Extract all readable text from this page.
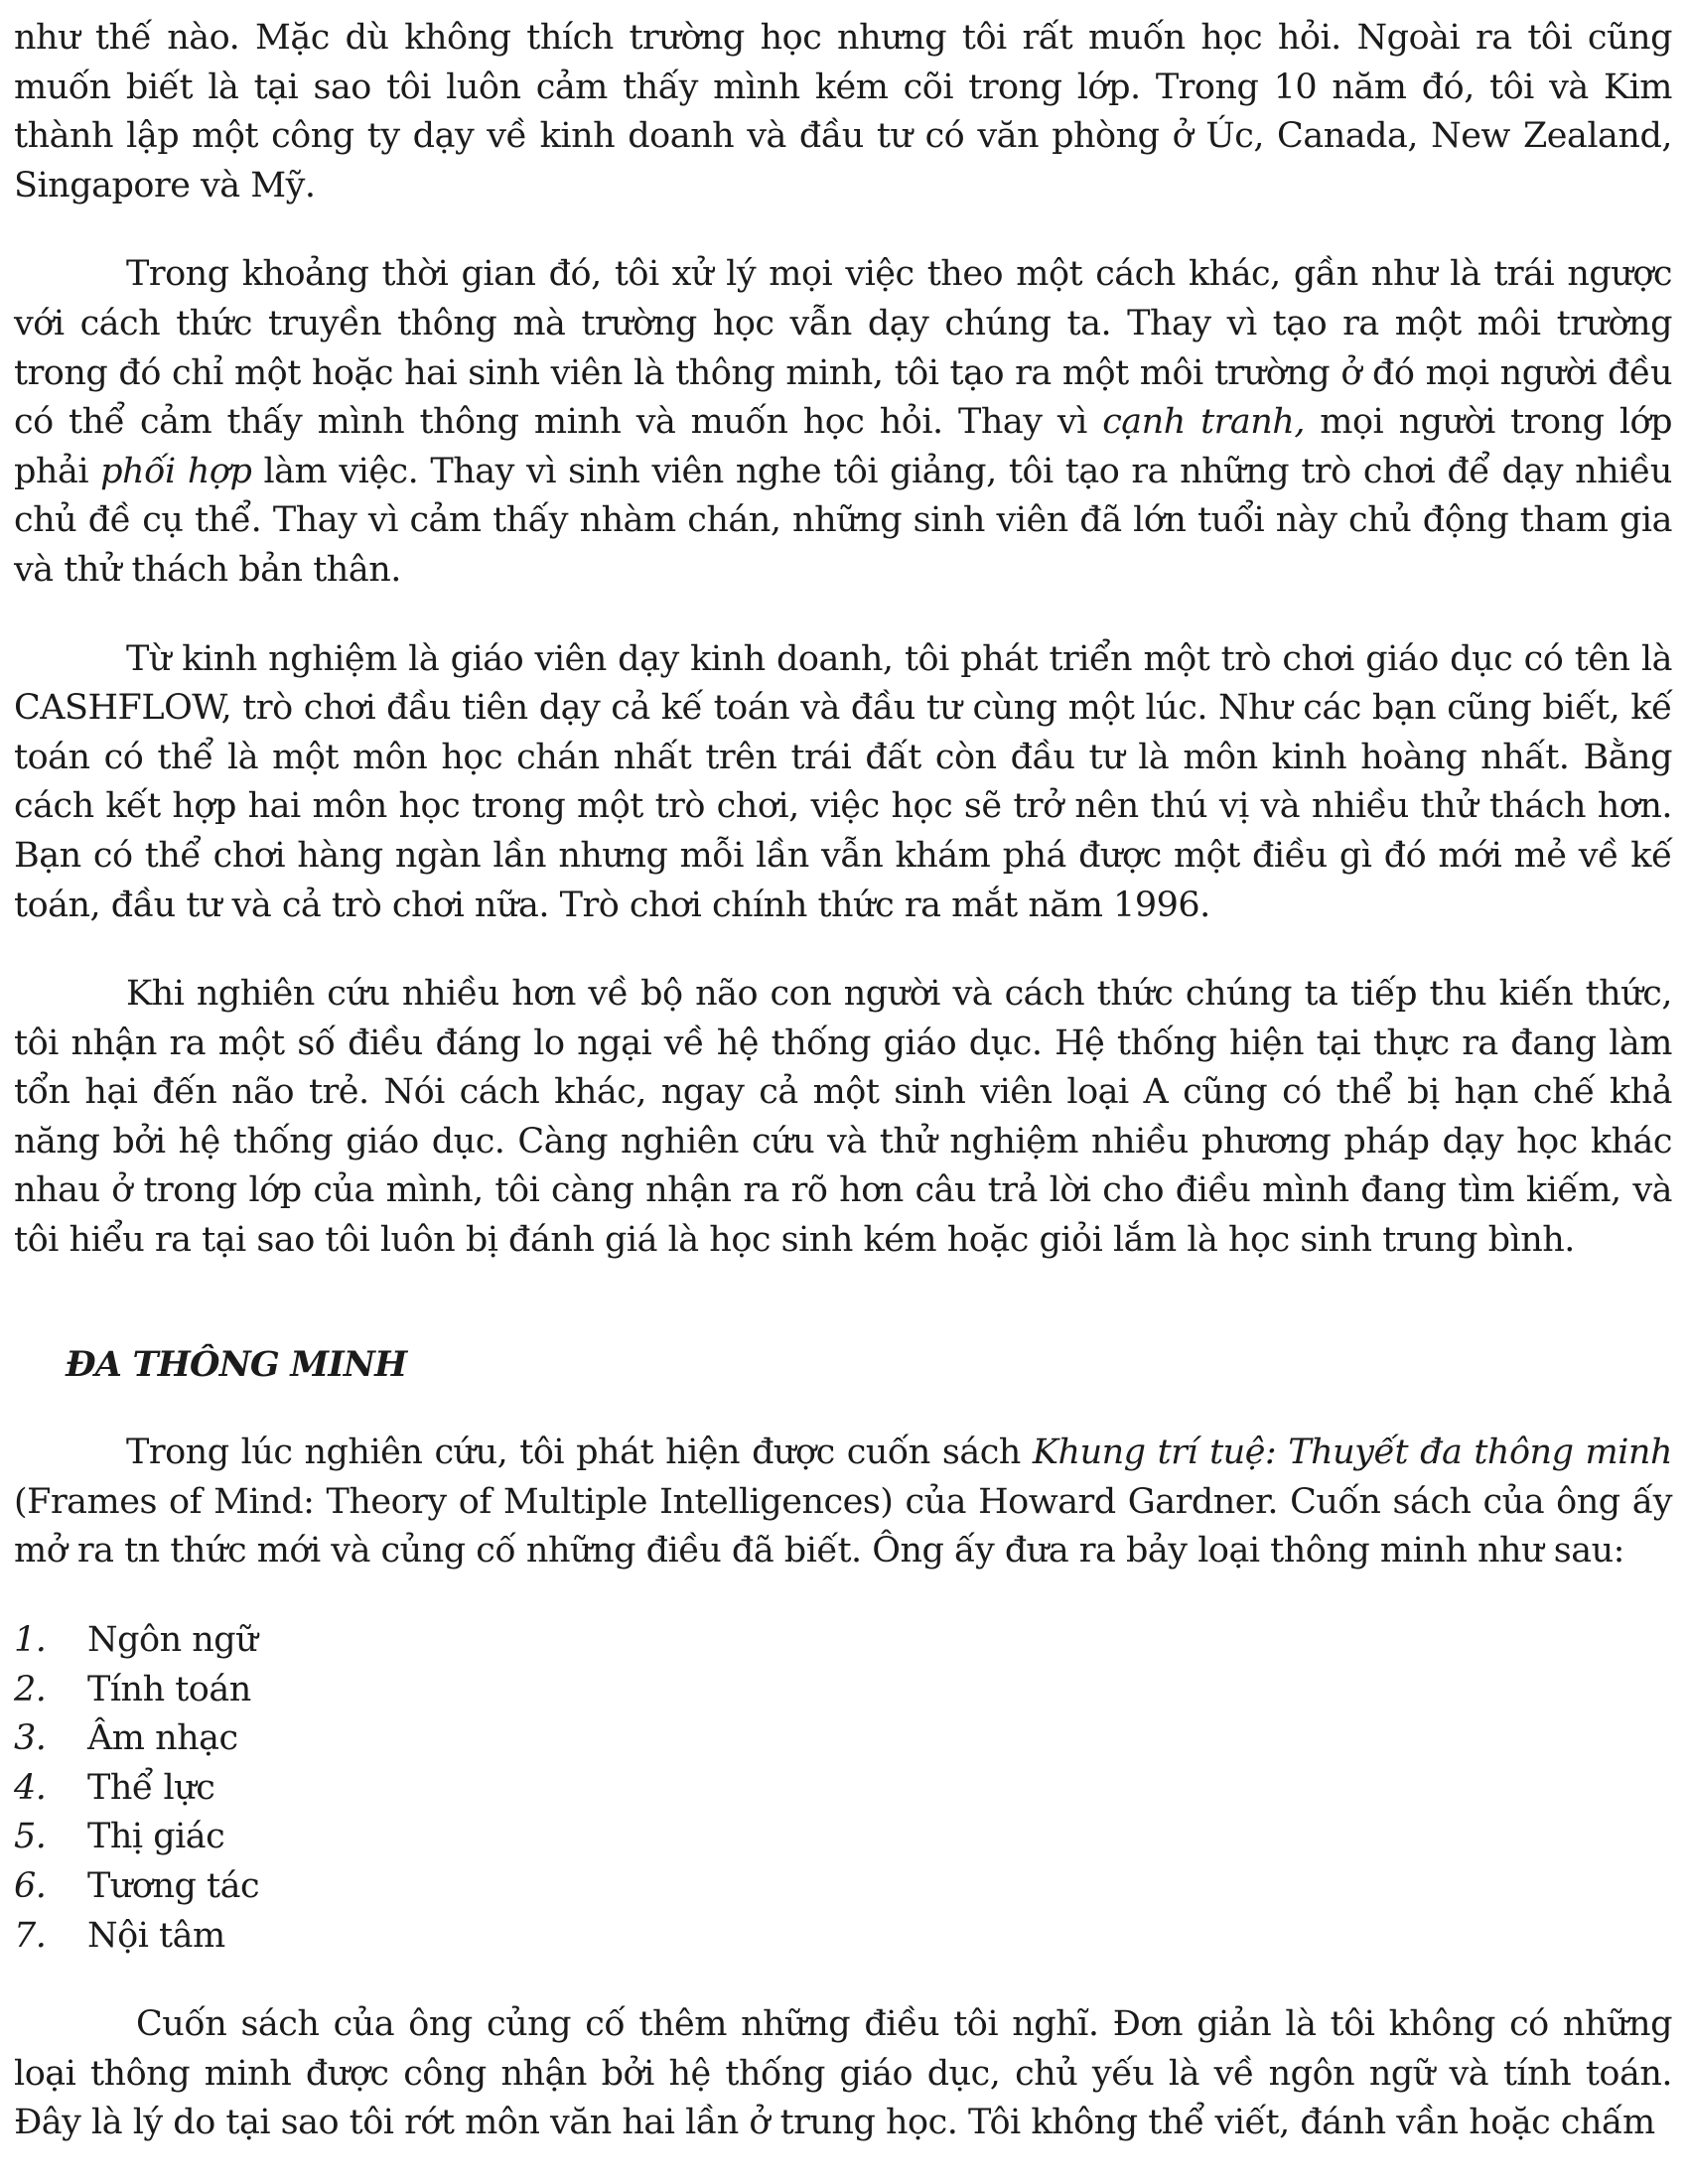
như thế nào. Mặc dù không thích trường học nhưng tôi rất muốn học hỏi. Ngoài ra tôi cũng muốn biết là tại sao tôi luôn cảm thấy mình kém cõi trong lớp. Trong 10 năm đó, tôi và Kim thành lập một công ty dạy về kinh doanh và đầu tư có văn phòng ở Úc, Canada, New Zealand, Singapore và Mỹ.

Trong khoảng thời gian đó, tôi xử lý mọi việc theo một cách khác, gần như là trái ngược với cách thức truyền thông mà trường học vẫn dạy chúng ta. Thay vì tạo ra một môi trường trong đó chỉ một hoặc hai sinh viên là thông minh, tôi tạo ra một môi trường ở đó mọi người đều có thể cảm thấy mình thông minh và muốn học hỏi. Thay vì cạnh tranh, mọi người trong lớp phải phối hợp làm việc. Thay vì sinh viên nghe tôi giảng, tôi tạo ra những trò chơi để dạy nhiều chủ đề cụ thể. Thay vì cảm thấy nhàm chán, những sinh viên đã lớn tuổi này chủ động tham gia và thử thách bản thân.

Từ kinh nghiệm là giáo viên dạy kinh doanh, tôi phát triển một trò chơi giáo dục có tên là CASHFLOW, trò chơi đầu tiên dạy cả kế toán và đầu tư cùng một lúc. Như các bạn cũng biết, kế toán có thể là một môn học chán nhất trên trái đất còn đầu tư là môn kinh hoàng nhất. Bằng cách kết hợp hai môn học trong một trò chơi, việc học sẽ trở nên thú vị và nhiều thử thách hơn. Bạn có thể chơi hàng ngàn lần nhưng mỗi lần vẫn khám phá được một điều gì đó mới mẻ về kế toán, đầu tư và cả trò chơi nữa. Trò chơi chính thức ra mắt năm 1996.

Khi nghiên cứu nhiều hơn về bộ não con người và cách thức chúng ta tiếp thu kiến thức, tôi nhận ra một số điều đáng lo ngại về hệ thống giáo dục. Hệ thống hiện tại thực ra đang làm tổn hại đến não trẻ. Nói cách khác, ngay cả một sinh viên loại A cũng có thể bị hạn chế khả năng bởi hệ thống giáo dục. Càng nghiên cứu và thử nghiệm nhiều phương pháp dạy học khác nhau ở trong lớp của mình, tôi càng nhận ra rõ hơn câu trả lời cho điều mình đang tìm kiếm, và tôi hiểu ra tại sao tôi luôn bị đánh giá là học sinh kém hoặc giỏi lắm là học sinh trung bình.

ĐA THÔNG MINH

Trong lúc nghiên cứu, tôi phát hiện được cuốn sách Khung trí tuệ: Thuyết đa thông minh (Frames of Mind: Theory of Multiple Intelligences) của Howard Gardner. Cuốn sách của ông ấy mở ra tn thức mới và củng cố những điều đã biết. Ông ấy đưa ra bảy loại thông minh như sau:

1.	Ngôn ngữ
2.	Tính toán
3.	Âm nhạc
4.	Thể lực
5.	Thị giác
6.	Tương tác
7.	Nội tâm

Cuốn sách của ông củng cố thêm những điều tôi nghĩ. Đơn giản là tôi không có những loại thông minh được công nhận bởi hệ thống giáo dục, chủ yếu là về ngôn ngữ và tính toán. Đây là lý do tại sao tôi rớt môn văn hai lần ở trung học. Tôi không thể viết, đánh vần hoặc chấm
